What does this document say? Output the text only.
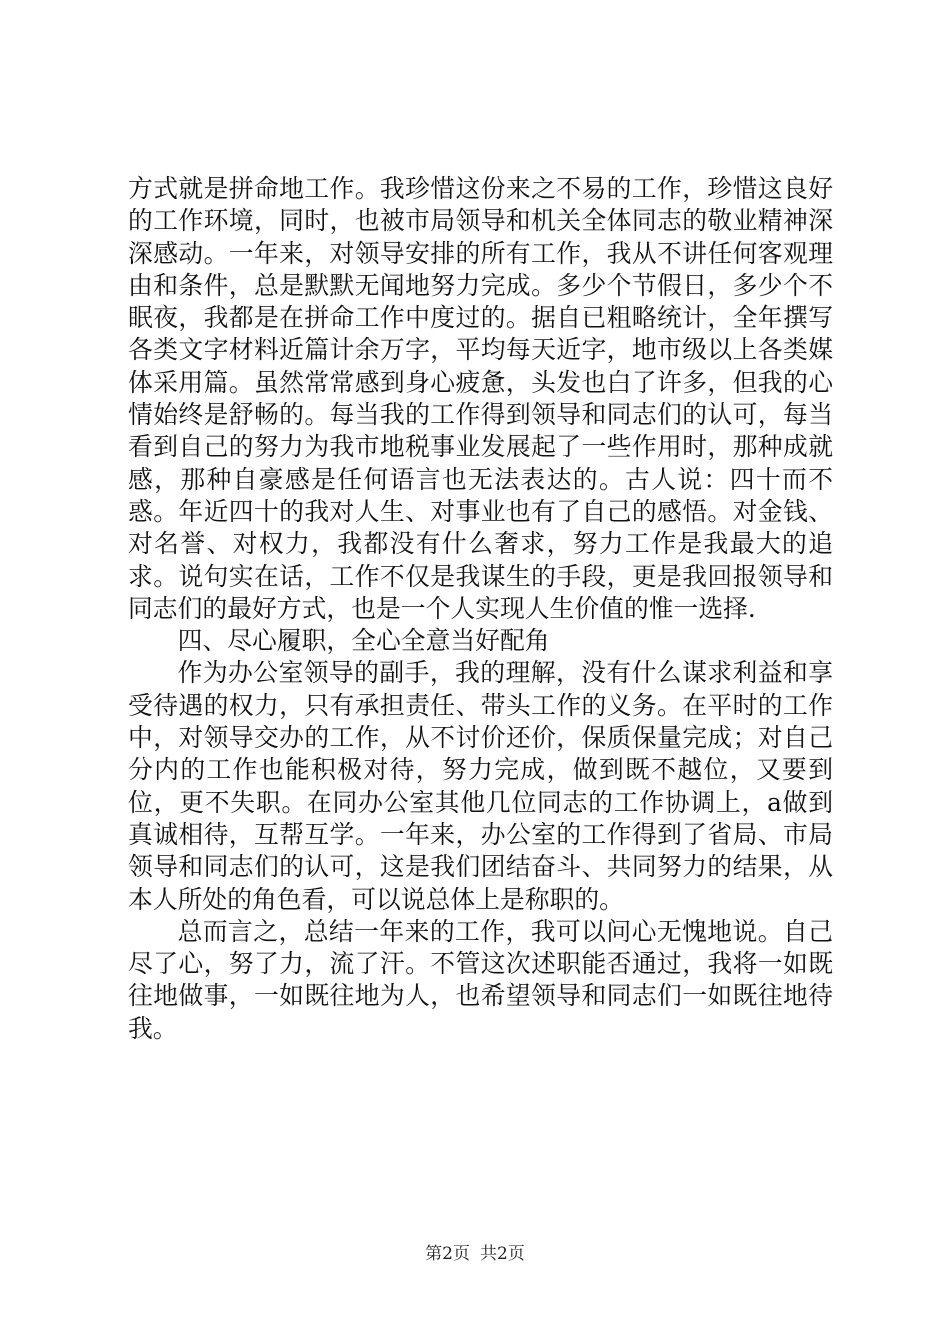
方式就是拼命地工作。我珍惜这份来之不易的工作，珍惜这良好的工作环境，同时，也被市局领导和机关全体同志的敬业精神深深感动。一年来，对领导安排的所有工作，我从不讲任何客观理由和条件，总是默默无闻地努力完成。多少个节假日，多少个不眠夜，我都是在拼命工作中度过的。据自已粗略统计，全年撰写各类文字材料近篇计余万字，平均每天近字，地市级以上各类媒体采用篇。虽然常常感到身心疲惫，头发也白了许多，但我的心情始终是舒畅的。每当我的工作得到领导和同志们的认可，每当看到自己的努力为我市地税事业发展起了一些作用时，那种成就感，那种自豪感是任何语言也无法表达的。古人说：四十而不惑。年近四十的我对人生、对事业也有了自己的感悟。对金钱、对名誉、对权力，我都没有什么奢求，努力工作是我最大的追求。说句实在话，工作不仅是我谋生的手段，更是我回报领导和同志们的最好方式，也是一个人实现人生价值的惟一选择.

四、尽心履职，全心全意当好配角

作为办公室领导的副手，我的理解，没有什么谋求利益和享受待遇的权力，只有承担责任、带头工作的义务。在平时的工作中，对领导交办的工作，从不讨价还价，保质保量完成；对自己分内的工作也能积极对待，努力完成，做到既不越位，又要到位，更不失职。在同办公室其他几位同志的工作协调上，a做到真诚相待，互帮互学。一年来，办公室的工作得到了省局、市局领导和同志们的认可，这是我们团结奋斗、共同努力的结果，从本人所处的角色看，可以说总体上是称职的。

总而言之，总结一年来的工作，我可以问心无愧地说。自己尽了心，努了力，流了汗。不管这次述职能否通过，我将一如既往地做事，一如既往地为人，也希望领导和同志们一如既往地待我。

第2页 共2页
